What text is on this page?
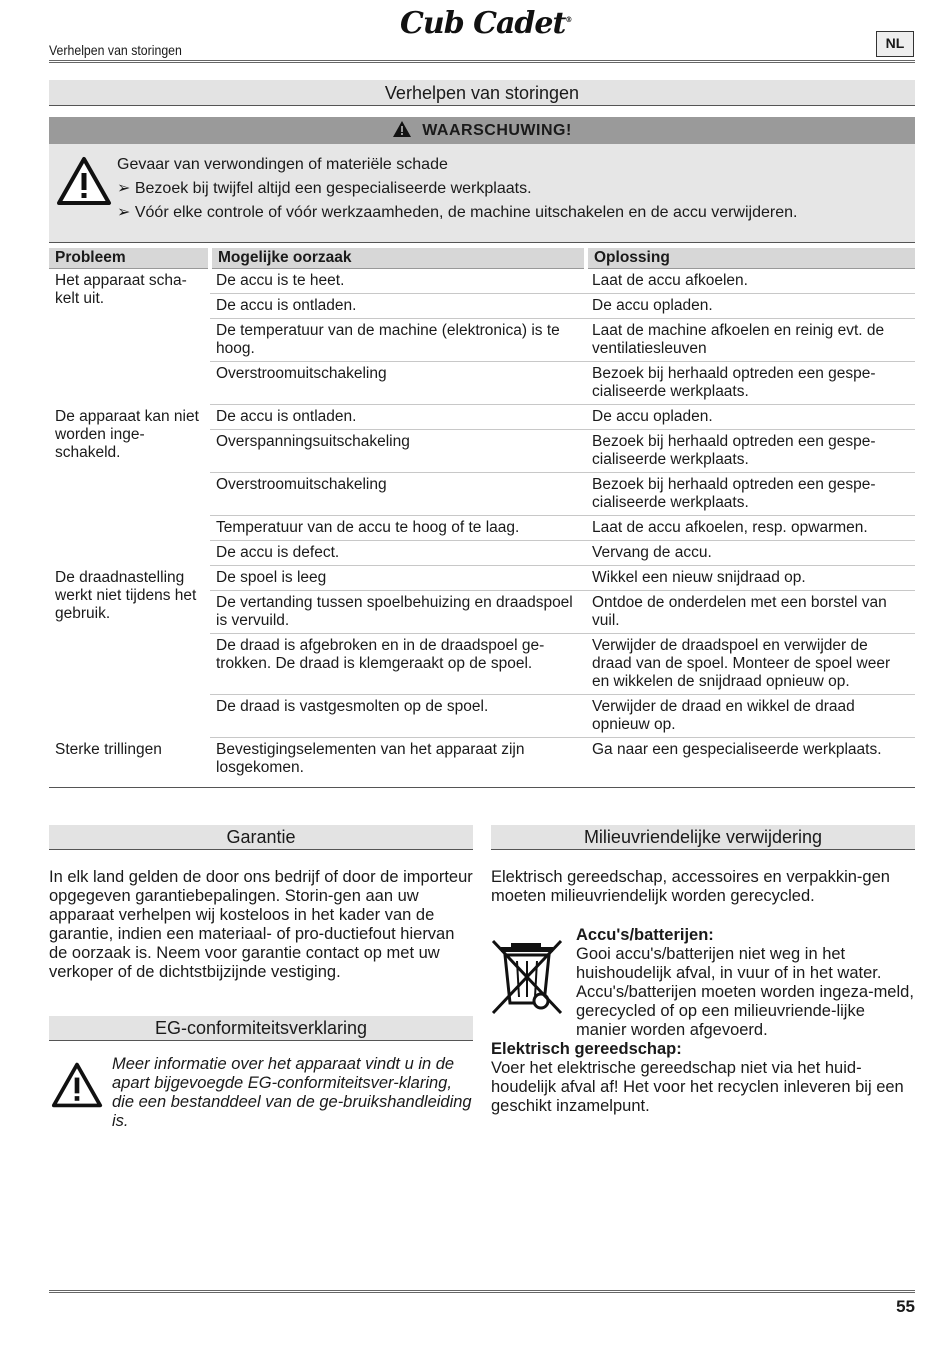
Cub Cadet®
Verhelpen van storingen	NL
Verhelpen van storingen
WAARSCHUWING!
Gevaar van verwondingen of materiële schade
➢ Bezoek bij twijfel altijd een gespecialiseerde werkplaats.
➢ Vóór elke controle of vóór werkzaamheden, de machine uitschakelen en de accu verwijderen.
Probleem	Mogelijke oorzaak	Oplossing
Het apparaat scha-kelt uit.	De accu is te heet.	Laat de accu afkoelen.
	De accu is ontladen.	De accu opladen.
	De temperatuur van de machine (elektronica) is te hoog.	Laat de machine afkoelen en reinig evt. de ventilatiesleuven
	Overstroomuitschakeling	Bezoek bij herhaald optreden een gespe-cialiseerde werkplaats.
De apparaat kan niet worden inge-schakeld.	De accu is ontladen.	De accu opladen.
	Overspanningsuitschakeling	Bezoek bij herhaald optreden een gespe-cialiseerde werkplaats.
	Overstroomuitschakeling	Bezoek bij herhaald optreden een gespe-cialiseerde werkplaats.
	Temperatuur van de accu te hoog of te laag.	Laat de accu afkoelen, resp. opwarmen.
	De accu is defect.	Vervang de accu.
De draadnastelling werkt niet tijdens het gebruik.	De spoel is leeg	Wikkel een nieuw snijdraad op.
	De vertanding tussen spoelbehuizing en draadspoel is vervuild.	Ontdoe de onderdelen met een borstel van vuil.
	De draad is afgebroken en in de draadspoel ge-trokken. De draad is klemgeraakt op de spoel.	Verwijder de draadspoel en verwijder de draad van de spoel. Monteer de spoel weer en wikkelen de snijdraad opnieuw op.
	De draad is vastgesmolten op de spoel.	Verwijder de draad en wikkel de draad opnieuw op.
Sterke trillingen	Bevestigingselementen van het apparaat zijn losgekomen.	Ga naar een gespecialiseerde werkplaats.
Garantie
In elk land gelden de door ons bedrijf of door de importeur opgegeven garantiebepalingen. Storin-gen aan uw apparaat verhelpen wij kosteloos in het kader van de garantie, indien een materiaal- of pro-ductiefout hiervan de oorzaak is. Neem voor garantie contact op met uw verkoper of de dichtstbijzijnde vestiging.
EG-conformiteitsverklaring
Meer informatie over het apparaat vindt u in de apart bijgevoegde EG-conformiteitsver-klaring, die een bestanddeel van de ge-bruikshandleiding is.
Milieuvriendelijke verwijdering
Elektrisch gereedschap, accessoires en verpakkin-gen moeten milieuvriendelijk worden gerecycled.
Accu's/batterijen:
Gooi accu's/batterijen niet weg in het huishoudelijk afval, in vuur of in het water. Accu's/batterijen moeten worden ingeza-meld, gerecycled of op een milieuvriende-lijke manier worden afgevoerd.
Elektrisch gereedschap:
Voer het elektrische gereedschap niet via het huid-houdelijk afval af! Het voor het recyclen inleveren bij een geschikt inzamelpunt.
55
